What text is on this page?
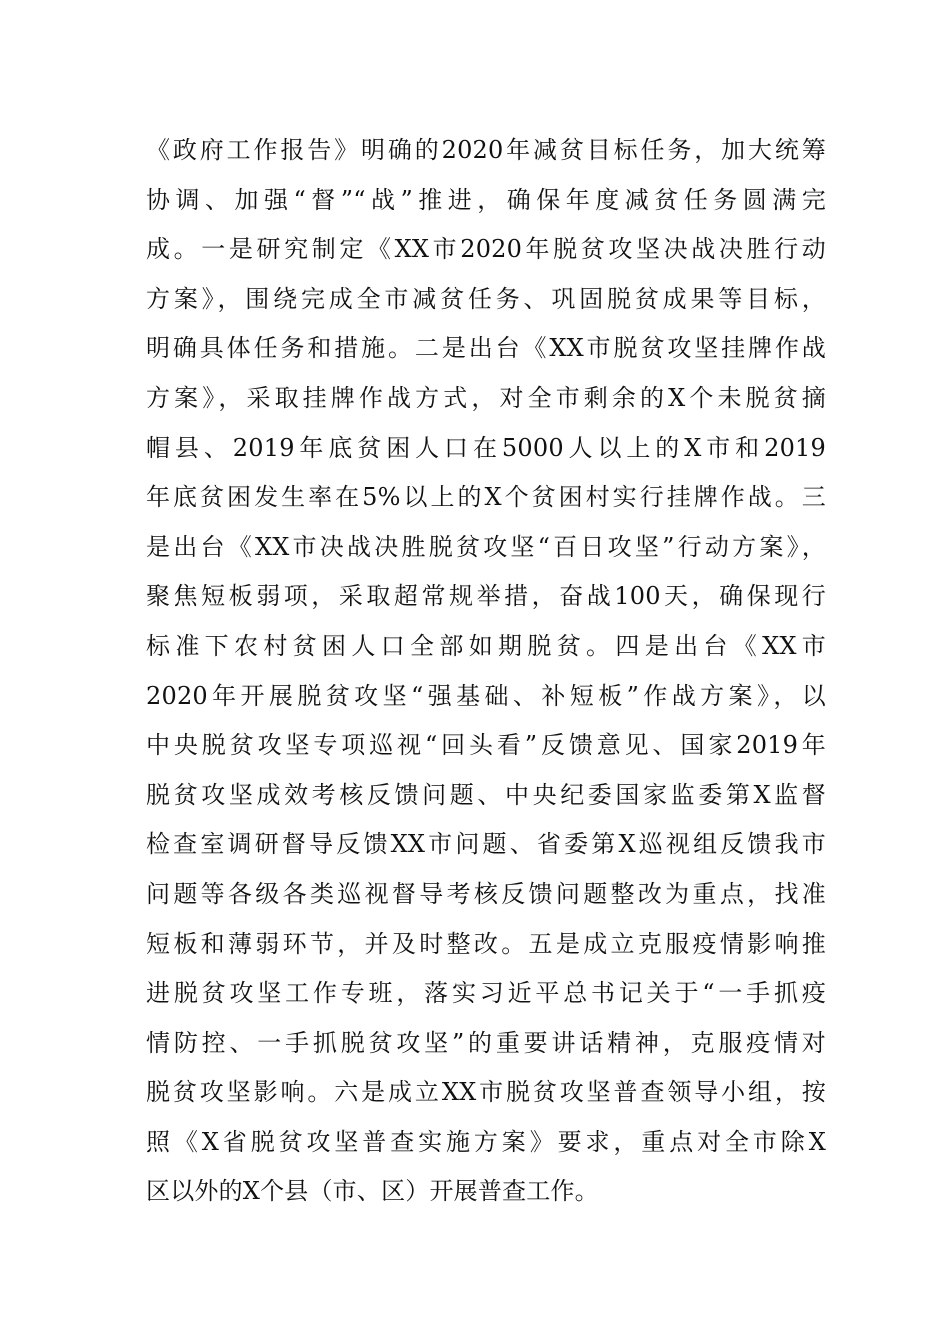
《政府工作报告》明确的2020年减贫目标任务，加大统筹
协调、加强“督”“战”推进，确保年度减贫任务圆满完
成。一是研究制定《XX市2020年脱贫攻坚决战决胜行动
方案》，围绕完成全市减贫任务、巩固脱贫成果等目标，
明确具体任务和措施。二是出台《XX市脱贫攻坚挂牌作战
方案》，采取挂牌作战方式，对全市剩余的X个未脱贫摘
帽县、2019年底贫困人口在5000人以上的X市和2019
年底贫困发生率在5%以上的X个贫困村实行挂牌作战。三
是出台《XX市决战决胜脱贫攻坚“百日攻坚”行动方案》，
聚焦短板弱项，采取超常规举措，奋战100天，确保现行
标准下农村贫困人口全部如期脱贫。四是出台《XX市
2020年开展脱贫攻坚“强基础、补短板”作战方案》，以
中央脱贫攻坚专项巡视“回头看”反馈意见、国家2019年
脱贫攻坚成效考核反馈问题、中央纪委国家监委第X监督
检查室调研督导反馈XX市问题、省委第X巡视组反馈我市
问题等各级各类巡视督导考核反馈问题整改为重点，找准
短板和薄弱环节，并及时整改。五是成立克服疫情影响推
进脱贫攻坚工作专班，落实习近平总书记关于“一手抓疫
情防控、一手抓脱贫攻坚”的重要讲话精神，克服疫情对
脱贫攻坚影响。六是成立XX市脱贫攻坚普查领导小组，按
照《X省脱贫攻坚普查实施方案》要求，重点对全市除X
区以外的X个县（市、区）开展普查工作。
